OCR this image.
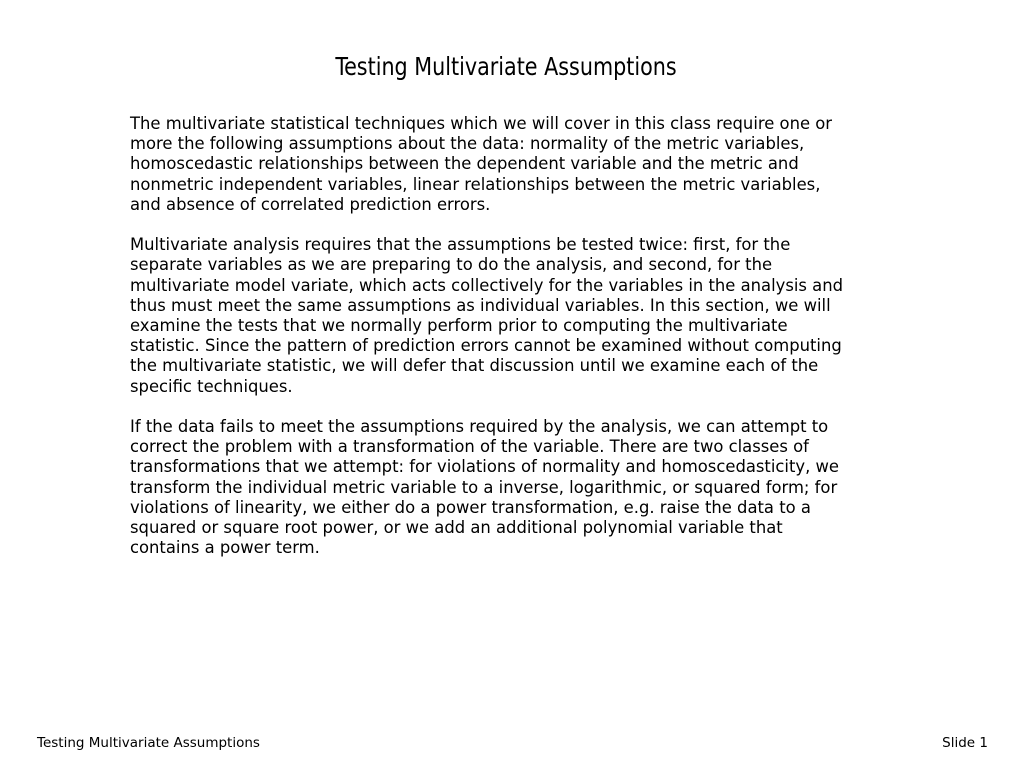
Testing Multivariate Assumptions

The multivariate statistical techniques which we will cover in this class require one or
more the following assumptions about the data: normality of the metric variables,
homoscedastic relationships between the dependent variable and the metric and
nonmetric independent variables, linear relationships between the metric variables,
and absence of correlated prediction errors.

Multivariate analysis requires that the assumptions be tested twice: first, for the
separate variables as we are preparing to do the analysis, and second, for the
multivariate model variate, which acts collectively for the variables in the analysis and
thus must meet the same assumptions as individual variables. In this section, we will
examine the tests that we normally perform prior to computing the multivariate
statistic. Since the pattern of prediction errors cannot be examined without computing
the multivariate statistic, we will defer that discussion until we examine each of the
specific techniques.

If the data fails to meet the assumptions required by the analysis, we can attempt to
correct the problem with a transformation of the variable. There are two classes of
transformations that we attempt: for violations of normality and homoscedasticity, we
transform the individual metric variable to a inverse, logarithmic, or squared form; for
violations of linearity, we either do a power transformation, e.g. raise the data to a
squared or square root power, or we add an additional polynomial variable that
contains a power term.

Testing Multivariate Assumptions	Slide 1
